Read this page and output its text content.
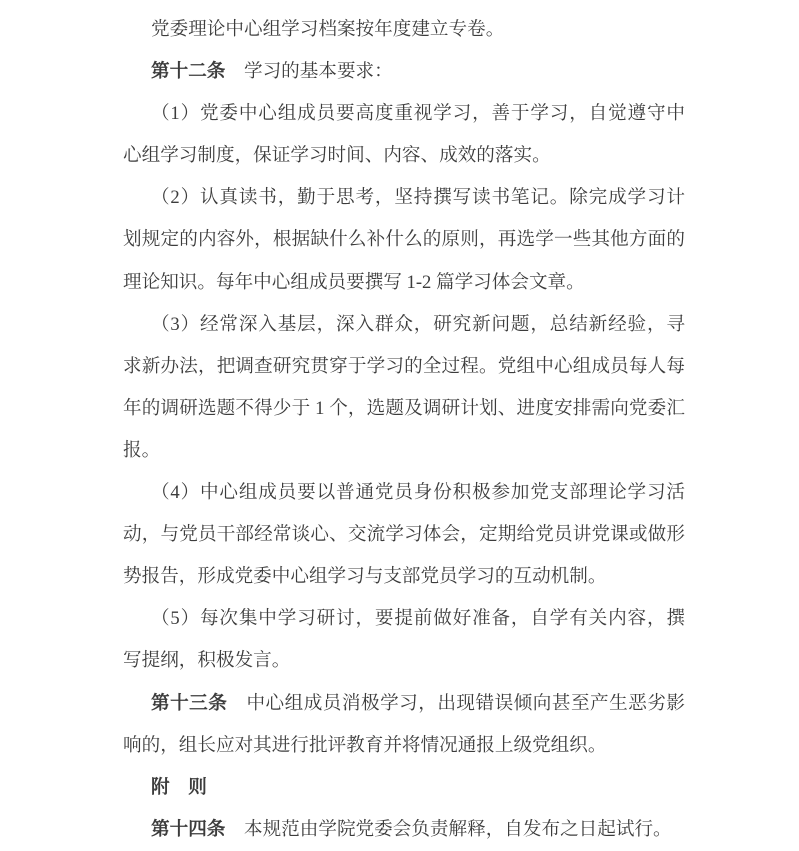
党委理论中心组学习档案按年度建立专卷。
第十二条　学习的基本要求：
（1）党委中心组成员要高度重视学习，善于学习，自觉遵守中
心组学习制度，保证学习时间、内容、成效的落实。
（2）认真读书，勤于思考，坚持撰写读书笔记。除完成学习计
划规定的内容外，根据缺什么补什么的原则，再选学一些其他方面的
理论知识。每年中心组成员要撰写 1-2 篇学习体会文章。
（3）经常深入基层，深入群众，研究新问题，总结新经验，寻
求新办法，把调查研究贯穿于学习的全过程。党组中心组成员每人每
年的调研选题不得少于 1 个，选题及调研计划、进度安排需向党委汇
报。
（4）中心组成员要以普通党员身份积极参加党支部理论学习活
动，与党员干部经常谈心、交流学习体会，定期给党员讲党课或做形
势报告，形成党委中心组学习与支部党员学习的互动机制。
（5）每次集中学习研讨，要提前做好准备，自学有关内容，撰
写提纲，积极发言。
第十三条　中心组成员消极学习，出现错误倾向甚至产生恶劣影
响的，组长应对其进行批评教育并将情况通报上级党组织。
附　则
第十四条　本规范由学院党委会负责解释，自发布之日起试行。
